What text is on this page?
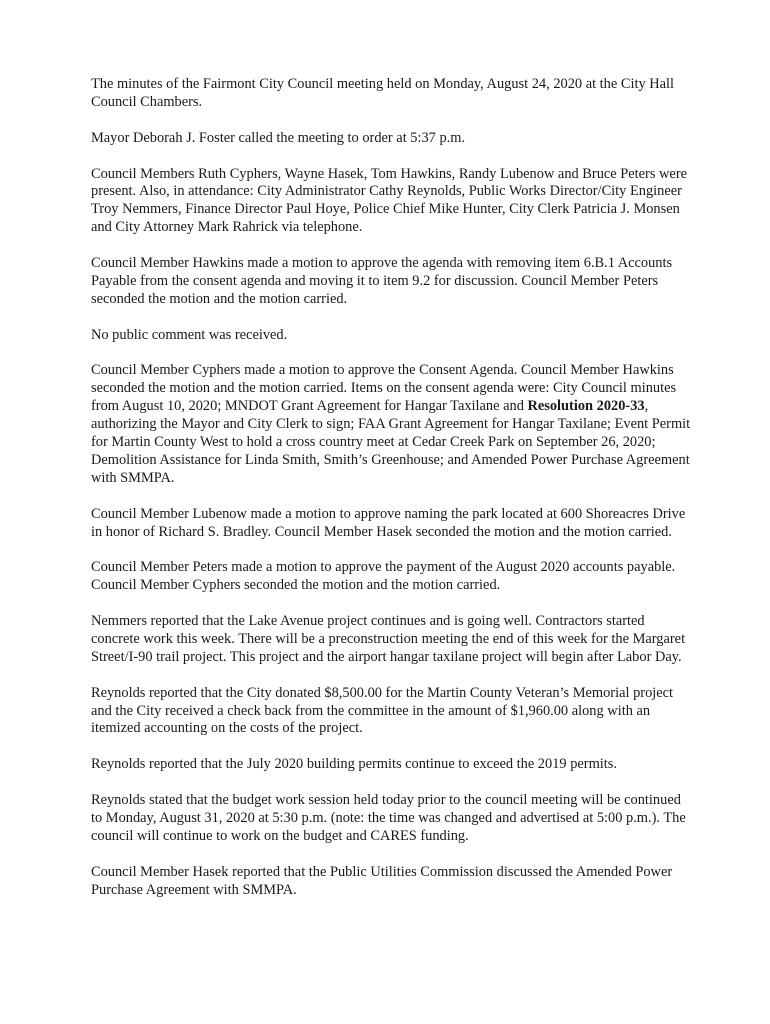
The minutes of the Fairmont City Council meeting held on Monday, August 24, 2020 at the City Hall Council Chambers.

Mayor Deborah J. Foster called the meeting to order at 5:37 p.m.

Council Members Ruth Cyphers, Wayne Hasek, Tom Hawkins, Randy Lubenow and Bruce Peters were present. Also, in attendance: City Administrator Cathy Reynolds, Public Works Director/City Engineer Troy Nemmers, Finance Director Paul Hoye, Police Chief Mike Hunter, City Clerk Patricia J. Monsen and City Attorney Mark Rahrick via telephone.

Council Member Hawkins made a motion to approve the agenda with removing item 6.B.1 Accounts Payable from the consent agenda and moving it to item 9.2 for discussion. Council Member Peters seconded the motion and the motion carried.

No public comment was received.

Council Member Cyphers made a motion to approve the Consent Agenda. Council Member Hawkins seconded the motion and the motion carried. Items on the consent agenda were: City Council minutes from August 10, 2020; MNDOT Grant Agreement for Hangar Taxilane and Resolution 2020-33, authorizing the Mayor and City Clerk to sign; FAA Grant Agreement for Hangar Taxilane; Event Permit for Martin County West to hold a cross country meet at Cedar Creek Park on September 26, 2020; Demolition Assistance for Linda Smith, Smith’s Greenhouse; and Amended Power Purchase Agreement with SMMPA.

Council Member Lubenow made a motion to approve naming the park located at 600 Shoreacres Drive in honor of Richard S. Bradley. Council Member Hasek seconded the motion and the motion carried.

Council Member Peters made a motion to approve the payment of the August 2020 accounts payable. Council Member Cyphers seconded the motion and the motion carried.

Nemmers reported that the Lake Avenue project continues and is going well. Contractors started concrete work this week. There will be a preconstruction meeting the end of this week for the Margaret Street/I-90 trail project. This project and the airport hangar taxilane project will begin after Labor Day.

Reynolds reported that the City donated $8,500.00 for the Martin County Veteran’s Memorial project and the City received a check back from the committee in the amount of $1,960.00 along with an itemized accounting on the costs of the project.

Reynolds reported that the July 2020 building permits continue to exceed the 2019 permits.

Reynolds stated that the budget work session held today prior to the council meeting will be continued to Monday, August 31, 2020 at 5:30 p.m. (note: the time was changed and advertised at 5:00 p.m.). The council will continue to work on the budget and CARES funding.

Council Member Hasek reported that the Public Utilities Commission discussed the Amended Power Purchase Agreement with SMMPA.
